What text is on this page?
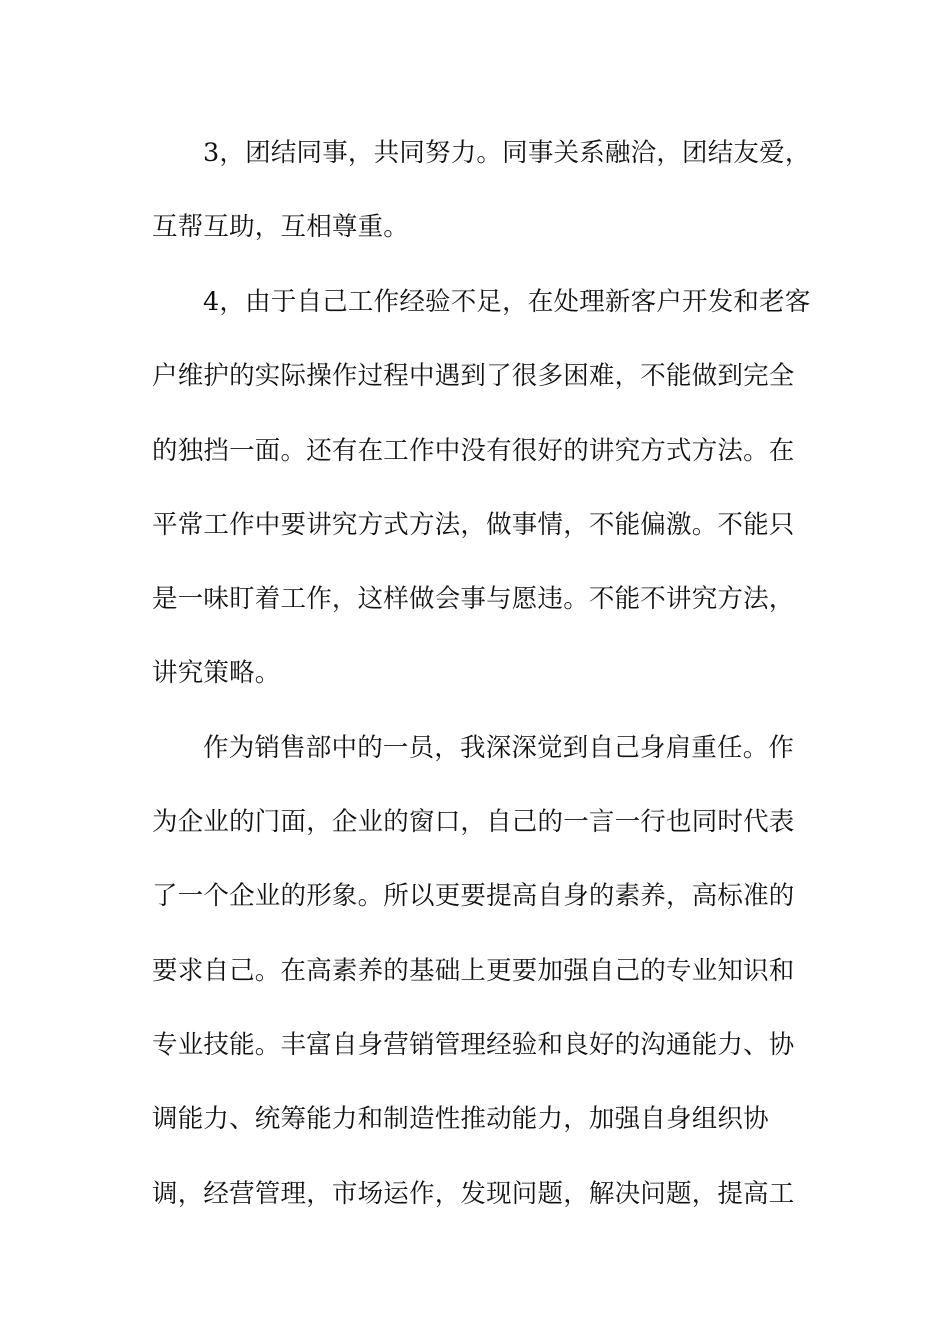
3，团结同事，共同努力。同事关系融洽，团结友爱，
互帮互助，互相尊重。
4，由于自己工作经验不足，在处理新客户开发和老客
户维护的实际操作过程中遇到了很多困难，不能做到完全
的独挡一面。还有在工作中没有很好的讲究方式方法。在
平常工作中要讲究方式方法，做事情，不能偏激。不能只
是一味盯着工作，这样做会事与愿违。不能不讲究方法，
讲究策略。
作为销售部中的一员，我深深觉到自己身肩重任。作
为企业的门面，企业的窗口，自己的一言一行也同时代表
了一个企业的形象。所以更要提高自身的素养，高标准的
要求自己。在高素养的基础上更要加强自己的专业知识和
专业技能。丰富自身营销管理经验和良好的沟通能力、协
调能力、统筹能力和制造性推动能力，加强自身组织协
调，经营管理，市场运作，发现问题，解决问题，提高工
